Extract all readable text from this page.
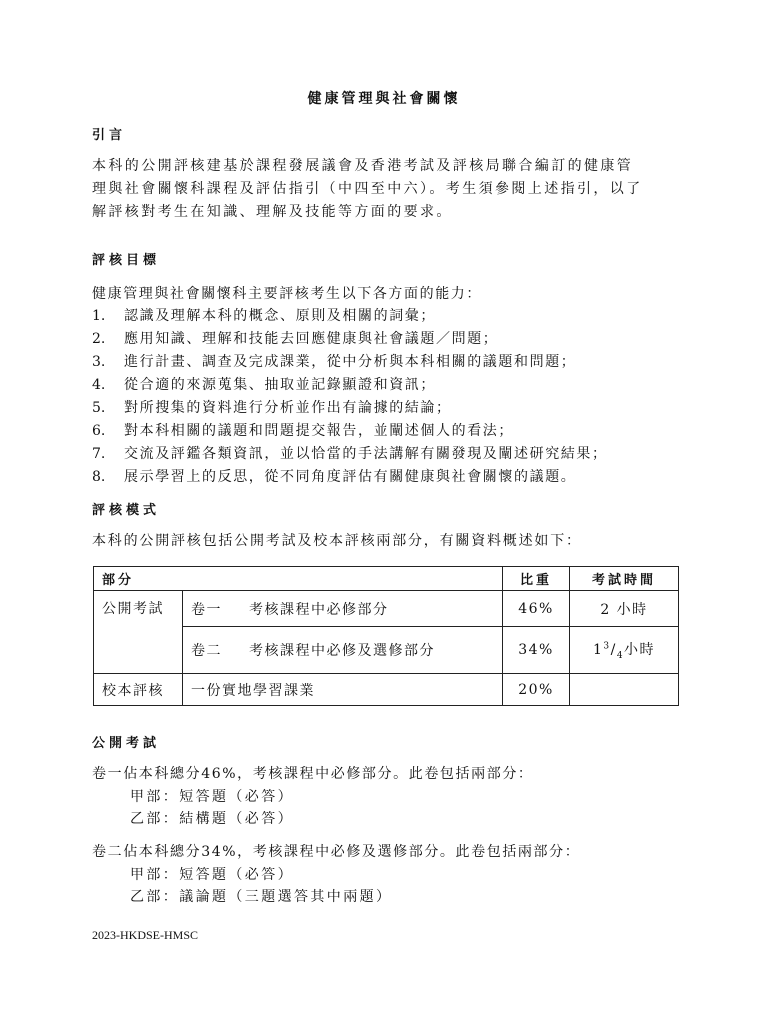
健康管理與社會關懷
引言
本科的公開評核建基於課程發展議會及香港考試及評核局聯合編訂的健康管
理與社會關懷科課程及評估指引（中四至中六）。考生須參閱上述指引，以了
解評核對考生在知識、理解及技能等方面的要求。
評核目標
健康管理與社會關懷科主要評核考生以下各方面的能力：
1.	認識及理解本科的概念、原則及相關的詞彙；
2.	應用知識、理解和技能去回應健康與社會議題／問題；
3.	進行計畫、調查及完成課業，從中分析與本科相關的議題和問題；
4.	從合適的來源蒐集、抽取並記錄顯證和資訊；
5.	對所搜集的資料進行分析並作出有論據的結論；
6.	對本科相關的議題和問題提交報告，並闡述個人的看法；
7.	交流及評鑑各類資訊，並以恰當的手法講解有關發現及闡述研究結果；
8.	展示學習上的反思，從不同角度評估有關健康與社會關懷的議題。
評核模式
本科的公開評核包括公開考試及校本評核兩部分，有關資料概述如下：
部分		比重	考試時間
公開考試	卷一 考核課程中必修部分	46%	2 小時
	卷二 考核課程中必修及選修部分	34%	$1^3/_4$小時
校本評核	一份實地學習課業	20%	
公開考試
卷一佔本科總分46%，考核課程中必修部分。此卷包括兩部分：
甲部：短答題（必答）
乙部：結構題（必答）
卷二佔本科總分34%，考核課程中必修及選修部分。此卷包括兩部分：
甲部：短答題（必答）
乙部：議論題（三題選答其中兩題）
2023-HKDSE-HMSC
